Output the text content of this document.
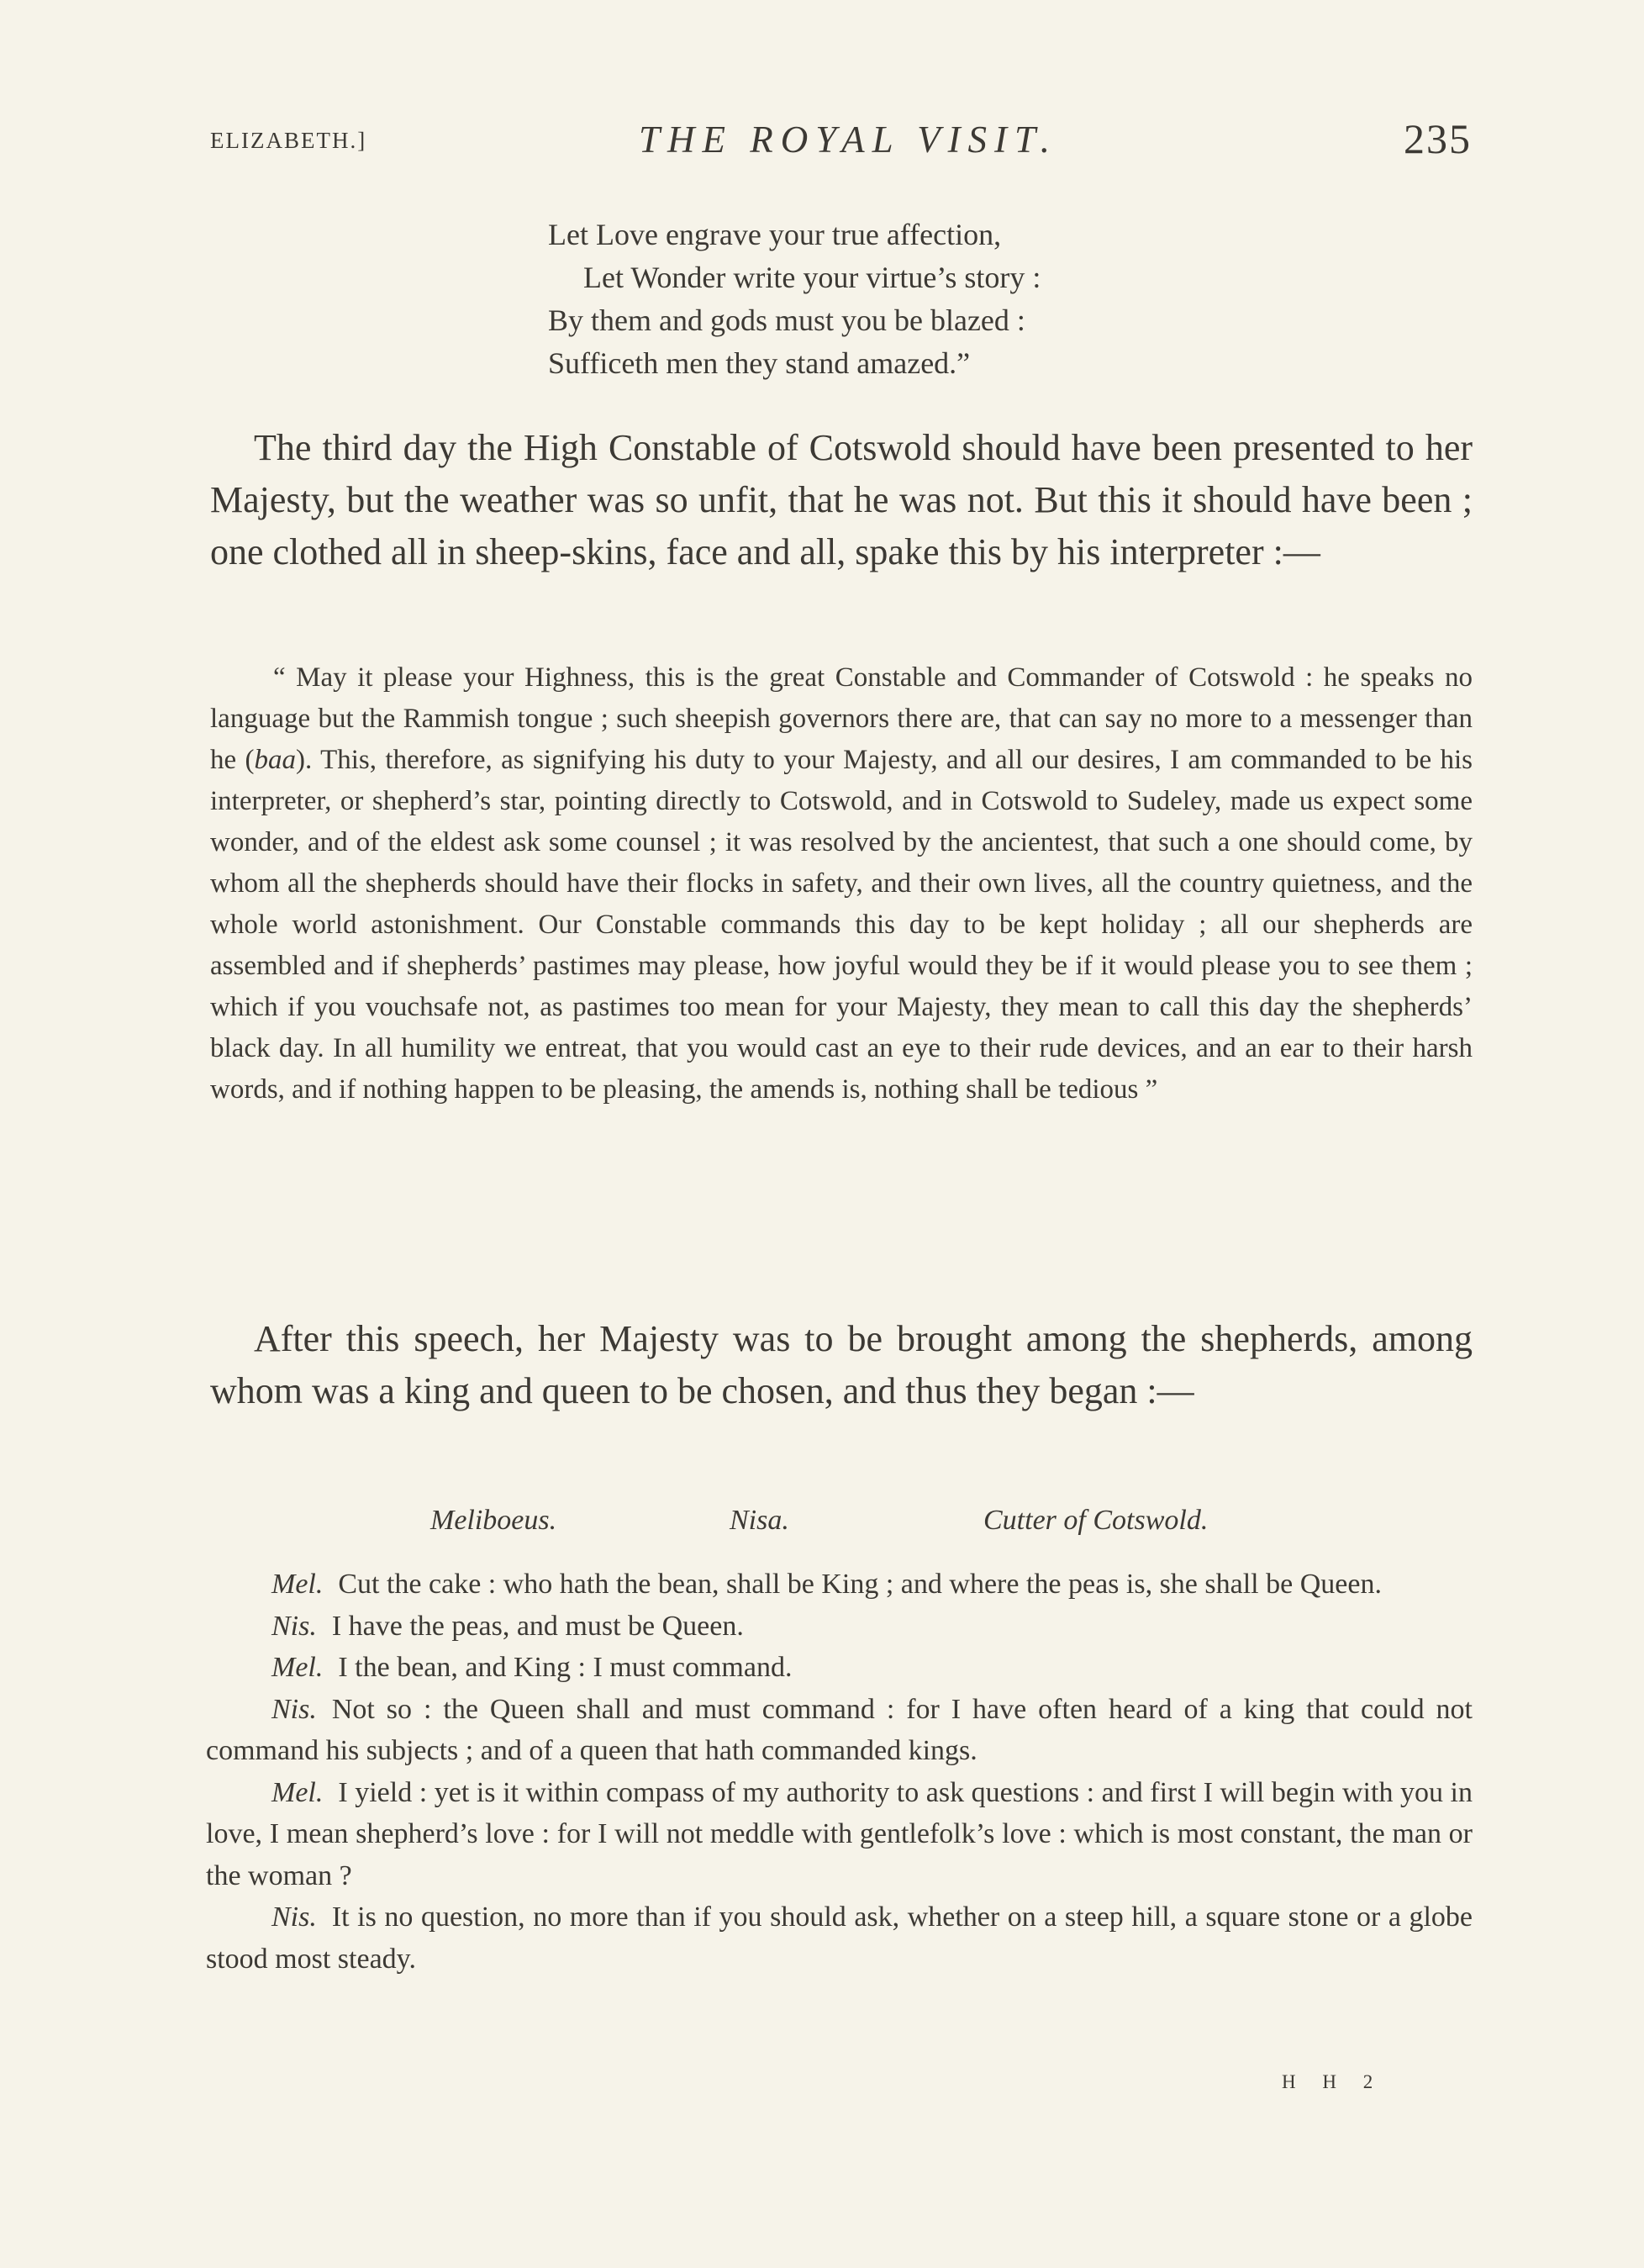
ELIZABETH.]	THE ROYAL VISIT.	235
Let Love engrave your true affection,
Let Wonder write your virtue’s story :
By them and gods must you be blazed :
Sufficeth men they stand amazed.”

The third day the High Constable of Cotswold should have been presented to her Majesty, but the weather was so unfit, that he was not. But this it should have been ; one clothed all in sheep-skins, face and all, spake this by his interpreter :—

“ May it please your Highness, this is the great Constable and Commander of Cotswold : he speaks no language but the Rammish tongue ; such sheepish governors there are, that can say no more to a messenger than he (baa). This, therefore, as signifying his duty to your Majesty, and all our desires, I am commanded to be his interpreter, or shepherd’s star, pointing directly to Cotswold, and in Cotswold to Sudeley, made us expect some wonder, and of the eldest ask some counsel ; it was resolved by the ancientest, that such a one should come, by whom all the shepherds should have their flocks in safety, and their own lives, all the country quietness, and the whole world astonishment. Our Constable commands this day to be kept holiday ; all our shepherds are assembled and if shepherds’ pastimes may please, how joyful would they be if it would please you to see them ; which if you vouchsafe not, as pastimes too mean for your Majesty, they mean to call this day the shepherds’ black day. In all humility we entreat, that you would cast an eye to their rude devices, and an ear to their harsh words, and if nothing happen to be pleasing, the amends is, nothing shall be tedious ”

After this speech, her Majesty was to be brought among the shepherds, among whom was a king and queen to be chosen, and thus they began :—

Meliboeus.	Nisa.	Cutter of Cotswold.

Mel. Cut the cake : who hath the bean, shall be King ; and where the peas is, she shall be Queen.

Nis. I have the peas, and must be Queen.

Mel. I the bean, and King : I must command.

Nis. Not so : the Queen shall and must command : for I have often heard of a king that could not command his subjects ; and of a queen that hath commanded kings.

Mel. I yield : yet is it within compass of my authority to ask questions : and first I will begin with you in love, I mean shepherd’s love : for I will not meddle with gentlefolk’s love : which is most constant, the man or the woman ?

Nis. It is no question, no more than if you should ask, whether on a steep hill, a square stone or a globe stood most steady.

H H 2
